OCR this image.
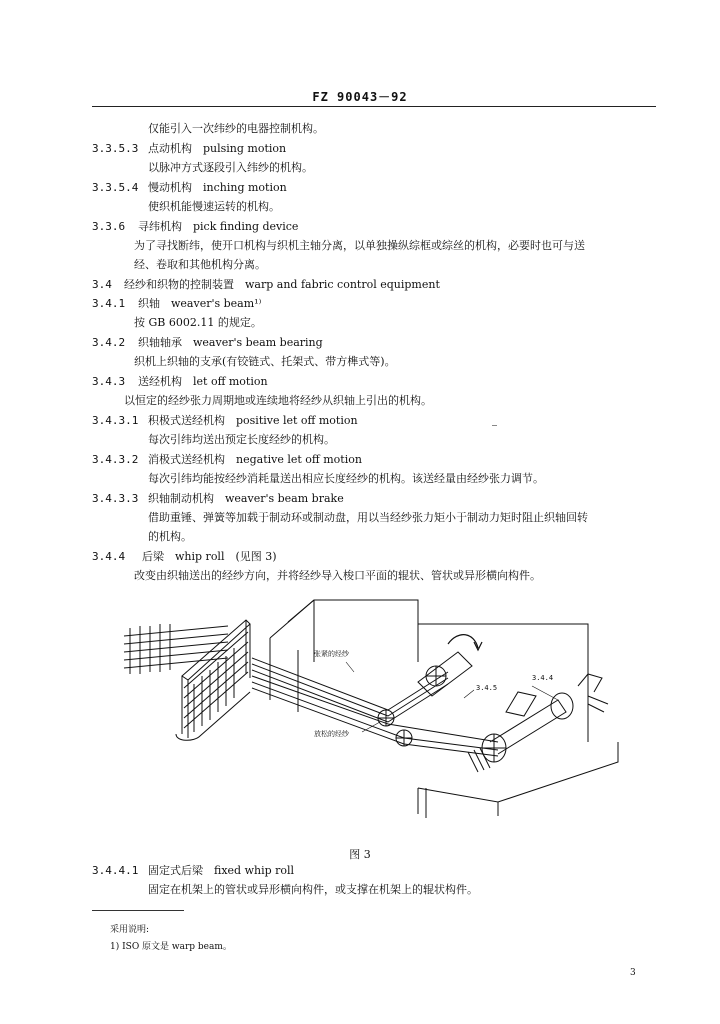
FZ 90043－92
仅能引入一次纬纱的电器控制机构。
3.3.5.3 点动机构　pulsing motion
以脉冲方式逐段引入纬纱的机构。
3.3.5.4 慢动机构　inching motion
使织机能慢速运转的机构。
3.3.6 寻纬机构　pick finding device
为了寻找断纬，使开口机构与织机主轴分离，以单独操纵综框或综丝的机构，必要时也可与送
经、卷取和其他机构分离。
3.4 经纱和织物的控制装置　warp and fabric control equipment
3.4.1 织轴　weaver's beam¹⁾
按 GB 6002.11 的规定。
3.4.2 织轴轴承　weaver's beam bearing
织机上织轴的支承(有铰链式、托架式、带方榫式等)。
3.4.3 送经机构　let off motion
以恒定的经纱张力周期地或连续地将经纱从织轴上引出的机构。
3.4.3.1 积极式送经机构　positive let off motion
每次引纬均送出预定长度经纱的机构。
3.4.3.2 消极式送经机构　negative let off motion
每次引纬均能按经纱消耗量送出相应长度经纱的机构。该送经量由经纱张力调节。
3.4.3.3 织轴制动机构　weaver's beam brake
借助重锤、弹簧等加载于制动环或制动盘，用以当经纱张力矩小于制动力矩时阻止织轴回转
的机构。
3.4.4 后梁　whip roll　(见图 3)
改变由织轴送出的经纱方向，并将经纱导入梭口平面的辊状、管状或异形横向构件。
张紧的经纱
放松的经纱
3.4.5
3.4.4
图 3
3.4.4.1 固定式后梁　fixed whip roll
固定在机架上的管状或异形横向构件，或支撑在机架上的辊状构件。
采用说明:
1) ISO 原文是 warp beam。
3
